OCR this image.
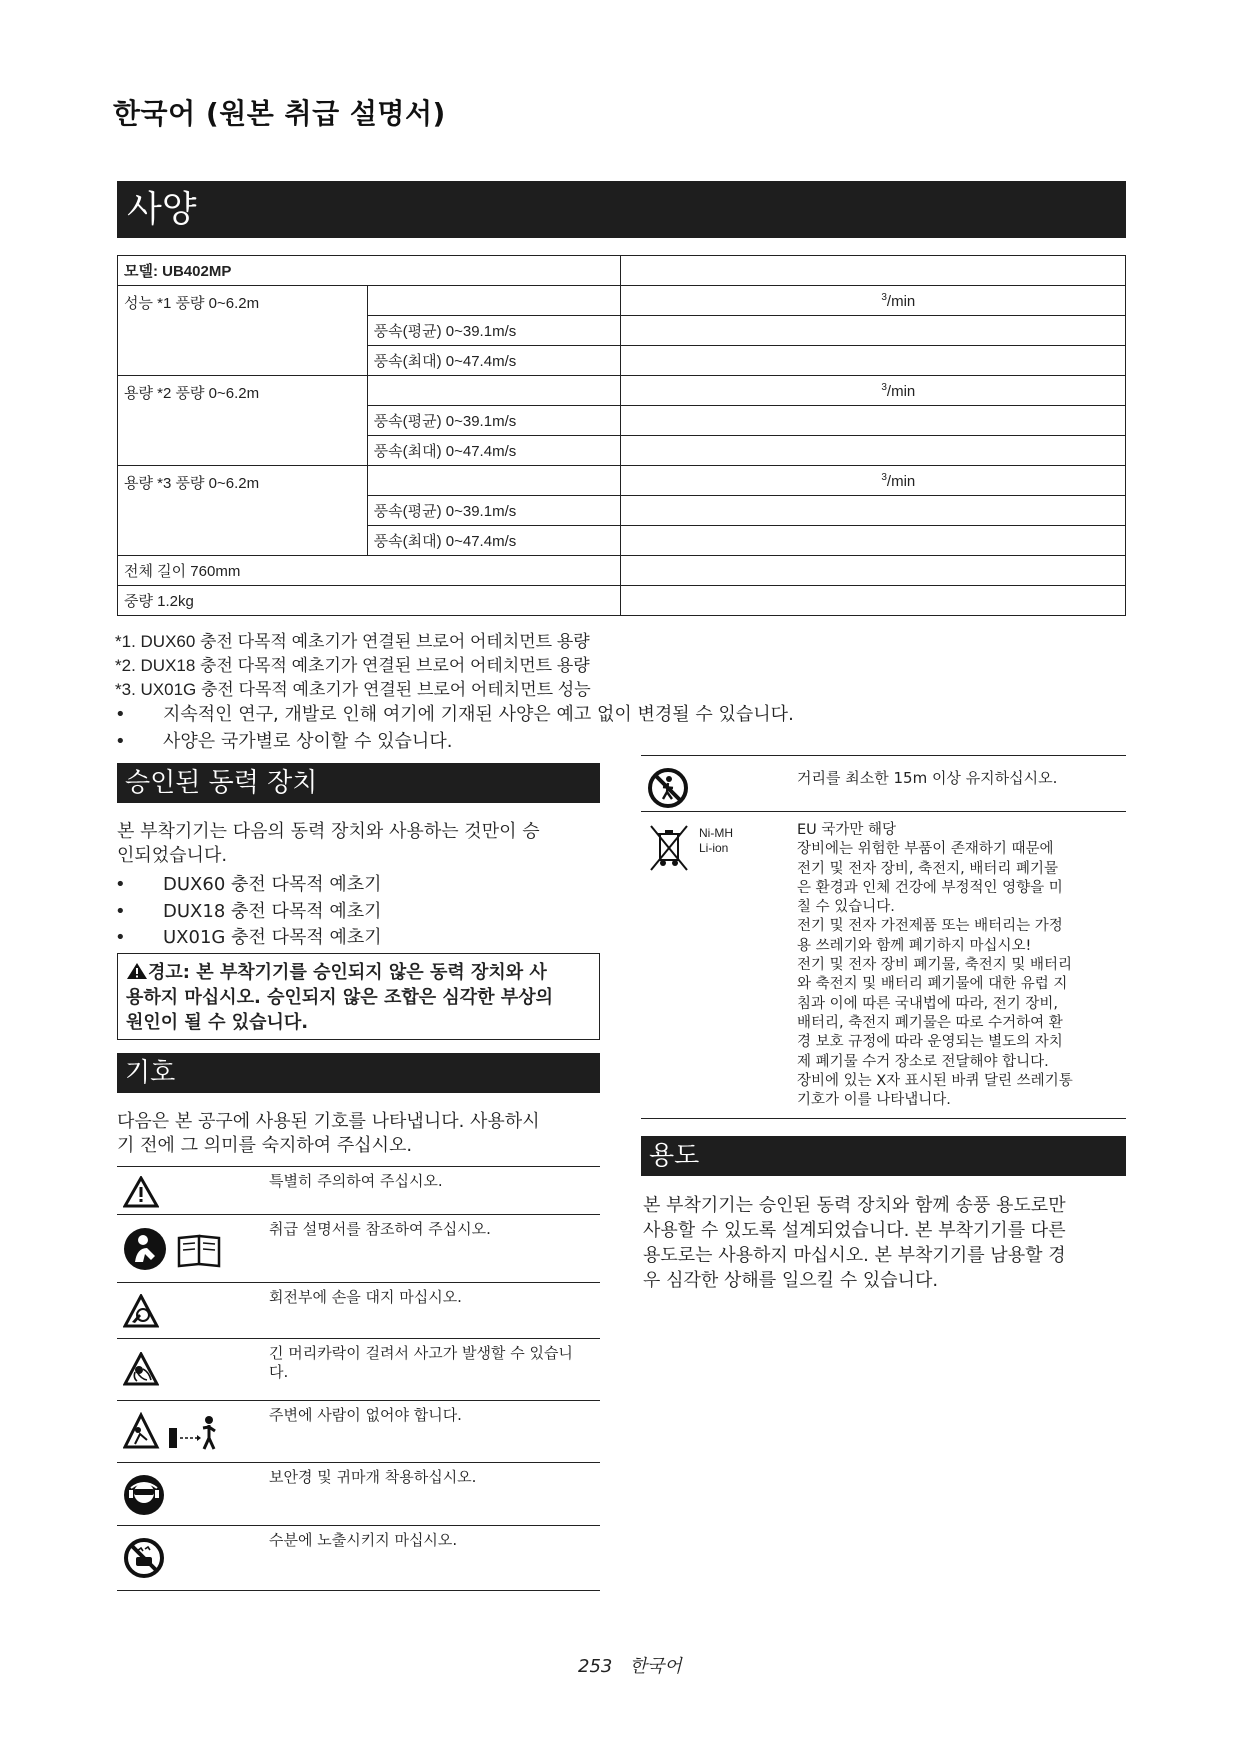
한국어 (원본 취급 설명서)
사양
모델: UB402MP		
성능 *1 풍량 0~6.2m		$^3$/min
	풍속(평균) 0~39.1m/s	
	풍속(최대) 0~47.4m/s	
용량 *2 풍량 0~6.2m		$^3$/min
	풍속(평균) 0~39.1m/s	
	풍속(최대) 0~47.4m/s	
용량 *3 풍량 0~6.2m		$^3$/min
	풍속(평균) 0~39.1m/s	
	풍속(최대) 0~47.4m/s	
전체 길이 760mm		
중량 1.2kg		
*1. DUX60 충전 다목적 예초기가 연결된 브로어 어테치먼트 용량
*2. DUX18 충전 다목적 예초기가 연결된 브로어 어테치먼트 용량
*3. UX01G 충전 다목적 예초기가 연결된 브로어 어테치먼트 성능
• 지속적인 연구, 개발로 인해 여기에 기재된 사양은 예고 없이 변경될 수 있습니다.
• 사양은 국가별로 상이할 수 있습니다.
승인된 동력 장치
본 부착기기는 다음의 동력 장치와 사용하는 것만이 승
인되었습니다.
• DUX60 충전 다목적 예초기
• DUX18 충전 다목적 예초기
• UX01G 충전 다목적 예초기
경고: 본 부착기기를 승인되지 않은 동력 장치와 사
용하지 마십시오. 승인되지 않은 조합은 심각한 부상의
원인이 될 수 있습니다.
기호
다음은 본 공구에 사용된 기호를 나타냅니다. 사용하시
기 전에 그 의미를 숙지하여 주십시오.
특별히 주의하여 주십시오.
취급 설명서를 참조하여 주십시오.
회전부에 손을 대지 마십시오.
긴 머리카락이 걸려서 사고가 발생할 수 있습니다.
주변에 사람이 없어야 합니다.
보안경 및 귀마개 착용하십시오.
수분에 노출시키지 마십시오.
거리를 최소한 15m 이상 유지하십시오.
Ni-MH
Li-ion
EU 국가만 해당
장비에는 위험한 부품이 존재하기 때문에
전기 및 전자 장비, 축전지, 배터리 폐기물
은 환경과 인체 건강에 부정적인 영향을 미
칠 수 있습니다.
전기 및 전자 가전제품 또는 배터리는 가정
용 쓰레기와 함께 폐기하지 마십시오!
전기 및 전자 장비 폐기물, 축전지 및 배터리
와 축전지 및 배터리 폐기물에 대한 유럽 지
침과 이에 따른 국내법에 따라, 전기 장비,
배터리, 축전지 폐기물은 따로 수거하여 환
경 보호 규정에 따라 운영되는 별도의 자치
제 폐기물 수거 장소로 전달해야 합니다.
장비에 있는 X자 표시된 바퀴 달린 쓰레기통
기호가 이를 나타냅니다.
용도
본 부착기기는 승인된 동력 장치와 함께 송풍 용도로만
사용할 수 있도록 설계되었습니다. 본 부착기기를 다른
용도로는 사용하지 마십시오. 본 부착기기를 남용할 경
우 심각한 상해를 일으킬 수 있습니다.
253 한국어
